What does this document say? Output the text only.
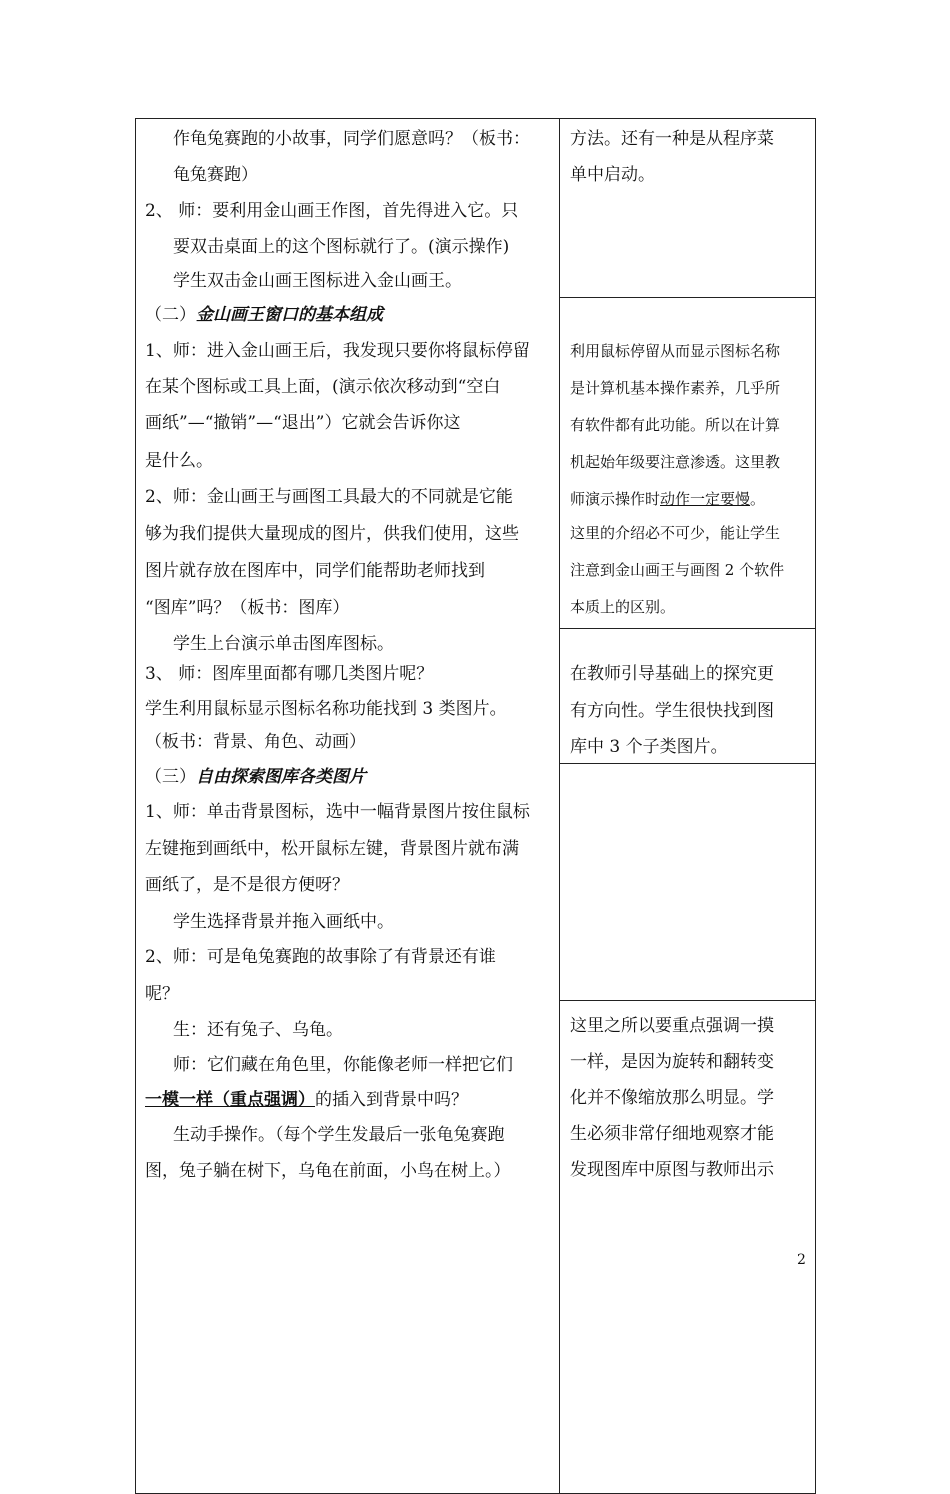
作龟兔赛跑的小故事，同学们愿意吗？（板书：
龟兔赛跑）
2、 师：要利用金山画王作图，首先得进入它。只
要双击桌面上的这个图标就行了。(演示操作)
学生双击金山画王图标进入金山画王。
（二）金山画王窗口的基本组成
1、师：进入金山画王后，我发现只要你将鼠标停留
在某个图标或工具上面，(演示依次移动到“空白
画纸”—“撤销”—“退出”）它就会告诉你这
是什么。
2、师：金山画王与画图工具最大的不同就是它能
够为我们提供大量现成的图片，供我们使用，这些
图片就存放在图库中，同学们能帮助老师找到
“图库”吗？（板书：图库）
学生上台演示单击图库图标。
3、 师：图库里面都有哪几类图片呢？
学生利用鼠标显示图标名称功能找到 3 类图片。
（板书：背景、角色、动画）
（三）自由探索图库各类图片
1、师：单击背景图标，选中一幅背景图片按住鼠标
左键拖到画纸中，松开鼠标左键，背景图片就布满
画纸了，是不是很方便呀？
学生选择背景并拖入画纸中。
2、师：可是龟兔赛跑的故事除了有背景还有谁
呢？
生：还有兔子、乌龟。
师：它们藏在角色里，你能像老师一样把它们
一模一样（重点强调）的插入到背景中吗？
生动手操作。（每个学生发最后一张龟兔赛跑
图，兔子躺在树下，乌龟在前面，小鸟在树上。）
方法。还有一种是从程序菜
单中启动。
利用鼠标停留从而显示图标名称
是计算机基本操作素养，几乎所
有软件都有此功能。所以在计算
机起始年级要注意渗透。这里教
师演示操作时动作一定要慢。
这里的介绍必不可少，能让学生
注意到金山画王与画图 2 个软件
本质上的区别。
在教师引导基础上的探究更
有方向性。学生很快找到图
库中 3 个子类图片。
这里之所以要重点强调一摸
一样，是因为旋转和翻转变
化并不像缩放那么明显。学
生必须非常仔细地观察才能
发现图库中原图与教师出示
2
